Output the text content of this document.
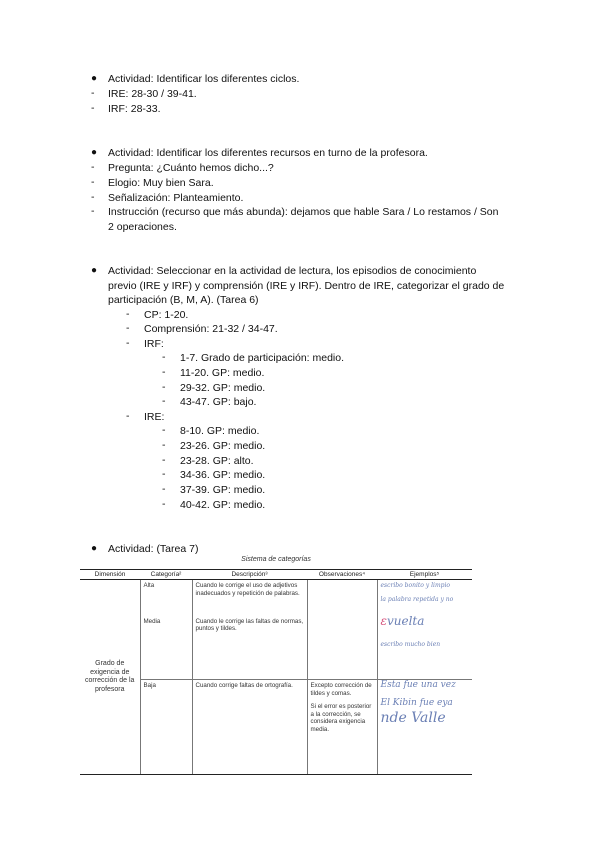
● Actividad: Identificar los diferentes ciclos.
- IRE: 28-30 / 39-41.
- IRF: 28-33.
● Actividad: Identificar los diferentes recursos en turno de la profesora.
- Pregunta: ¿Cuánto hemos dicho...?
- Elogio: Muy bien Sara.
- Señalización: Planteamiento.
- Instrucción (recurso que más abunda): dejamos que hable Sara / Lo restamos / Son
2 operaciones.
● Actividad: Seleccionar en la actividad de lectura, los episodios de conocimiento
previo (IRE y IRF) y comprensión (IRE y IRF). Dentro de IRE, categorizar el grado de
participación (B, M, A). (Tarea 6)
- CP: 1-20.
- Comprensión: 21-32 / 34-47.
- IRF:
- 1-7. Grado de participación: medio.
- 11-20. GP: medio.
- 29-32. GP: medio.
- 43-47. GP: bajo.
- IRE:
- 8-10. GP: medio.
- 23-26. GP: medio.
- 23-28. GP: alto.
- 34-36. GP: medio.
- 37-39. GP: medio.
- 40-42. GP: medio.
● Actividad: (Tarea 7)
Sistema de categorías
Dimensión	Categoría²	Descripción³	Observaciones⁴	Ejemplos⁵
Grado de exigencia de corrección de la profesora	Alta	Cuando le corrige el uso de adjetivos inadecuados y repetición de palabras.		escribo bonito y limpio
la palabra repetida y no

	Media	Cuando le corrige las faltas de normas, puntos y tildes.		ɛvuelta
escribo mucho bien

	Baja	Cuando corrige faltas de ortografía.	Excepto corrección de tildes y comas.
Si el error es posterior a la corrección, se considera exigencia media.	Esta fue una vez
El Kibin fue eya
nde Valle
